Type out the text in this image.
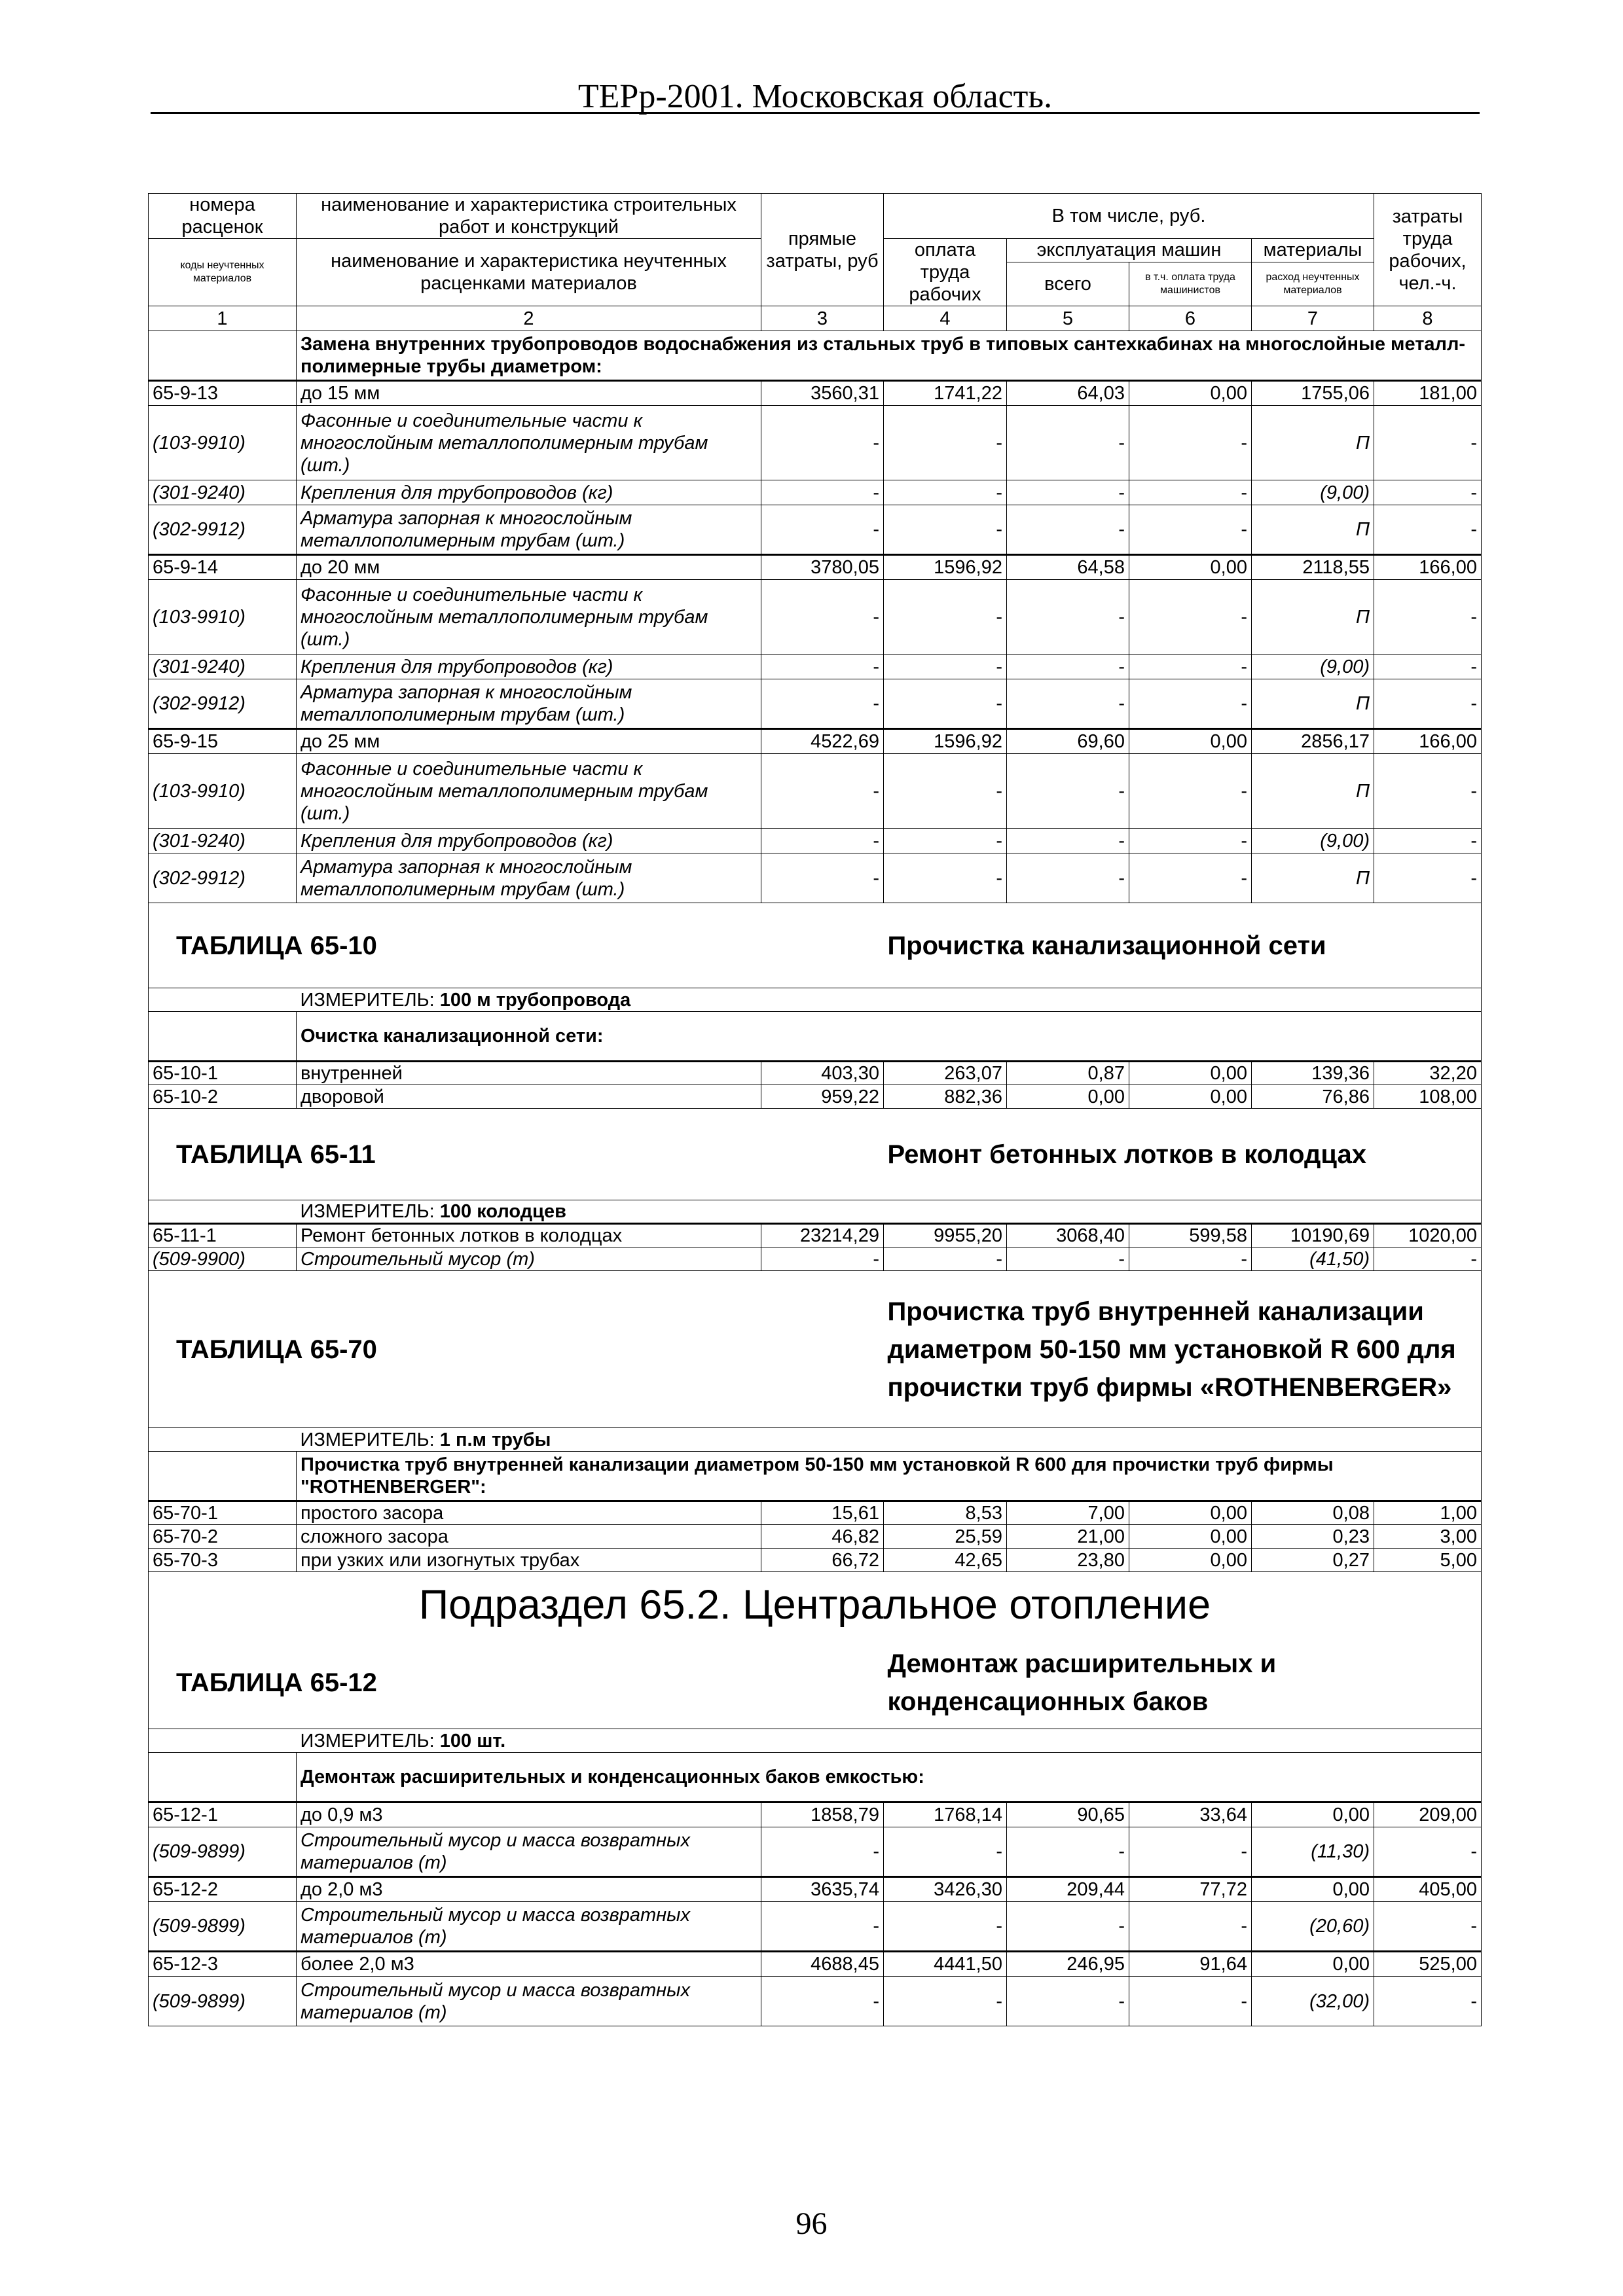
ТЕРр-2001. Московская область.
номера расценок	наименование и характеристика строительных работ и конструкций	прямые затраты, руб	В том числе, руб.				затраты труда рабочих, чел.-ч.
коды неучтенных материалов	наименование и характеристика неучтенных расценками материалов		оплата труда рабочих	эксплуатация машин		материалы	
				всего	в т.ч. оплата труда машинистов	расход неучтенных материалов	
1	2	3	4	5	6	7	8
	Замена внутренних трубопроводов водоснабжения из стальных труб в типовых сантехкабинах на многослойные металл-полимерные трубы диаметром:						
65-9-13	до 15 мм	3560,31	1741,22	64,03	0,00	1755,06	181,00
(103-9910)	Фасонные и соединительные части к многослойным металлополимерным трубам (шт.)	-	-	-	-	П	-
(301-9240)	Крепления для трубопроводов (кг)	-	-	-	-	(9,00)	-
(302-9912)	Арматура запорная к многослойным металлополимерным трубам (шт.)	-	-	-	-	П	-
65-9-14	до 20 мм	3780,05	1596,92	64,58	0,00	2118,55	166,00
(103-9910)	Фасонные и соединительные части к многослойным металлополимерным трубам (шт.)	-	-	-	-	П	-
(301-9240)	Крепления для трубопроводов (кг)	-	-	-	-	(9,00)	-
(302-9912)	Арматура запорная к многослойным металлополимерным трубам (шт.)	-	-	-	-	П	-
65-9-15	до 25 мм	4522,69	1596,92	69,60	0,00	2856,17	166,00
(103-9910)	Фасонные и соединительные части к многослойным металлополимерным трубам (шт.)	-	-	-	-	П	-
(301-9240)	Крепления для трубопроводов (кг)	-	-	-	-	(9,00)	-
(302-9912)	Арматура запорная к многослойным металлополимерным трубам (шт.)	-	-	-	-	П	-
ТАБЛИЦА 65-10			Прочистка канализационной сети				
	ИЗМЕРИТЕЛЬ: 100 м трубопровода						
	Очистка канализационной сети:						
65-10-1	внутренней	403,30	263,07	0,87	0,00	139,36	32,20
65-10-2	дворовой	959,22	882,36	0,00	0,00	76,86	108,00
ТАБЛИЦА 65-11			Ремонт бетонных лотков в колодцах				
	ИЗМЕРИТЕЛЬ: 100 колодцев						
65-11-1	Ремонт бетонных лотков в колодцах	23214,29	9955,20	3068,40	599,58	10190,69	1020,00
(509-9900)	Строительный мусор (т)	-	-	-	-	(41,50)	-
ТАБЛИЦА 65-70			Прочистка труб внутренней канализации диаметром 50-150 мм установкой R 600 для прочистки труб фирмы «ROTHENBERGER»				
	ИЗМЕРИТЕЛЬ: 1 п.м трубы						
	Прочистка труб внутренней канализации диаметром 50-150 мм установкой R 600 для прочистки труб фирмы "ROTHENBERGER":						
65-70-1	простого засора	15,61	8,53	7,00	0,00	0,08	1,00
65-70-2	сложного засора	46,82	25,59	21,00	0,00	0,23	3,00
65-70-3	при узких или изогнутых трубах	66,72	42,65	23,80	0,00	0,27	5,00
Подраздел 65.2. Центральное отопление							
ТАБЛИЦА 65-12			Демонтаж расширительных и конденсационных баков				
	ИЗМЕРИТЕЛЬ: 100 шт.						
	Демонтаж расширительных и конденсационных баков емкостью:						
65-12-1	до 0,9 м3	1858,79	1768,14	90,65	33,64	0,00	209,00
(509-9899)	Строительный мусор и масса возвратных материалов (т)	-	-	-	-	(11,30)	-
65-12-2	до 2,0 м3	3635,74	3426,30	209,44	77,72	0,00	405,00
(509-9899)	Строительный мусор и масса возвратных материалов (т)	-	-	-	-	(20,60)	-
65-12-3	более 2,0 м3	4688,45	4441,50	246,95	91,64	0,00	525,00
(509-9899)	Строительный мусор и масса возвратных материалов (т)	-	-	-	-	(32,00)	-
96
